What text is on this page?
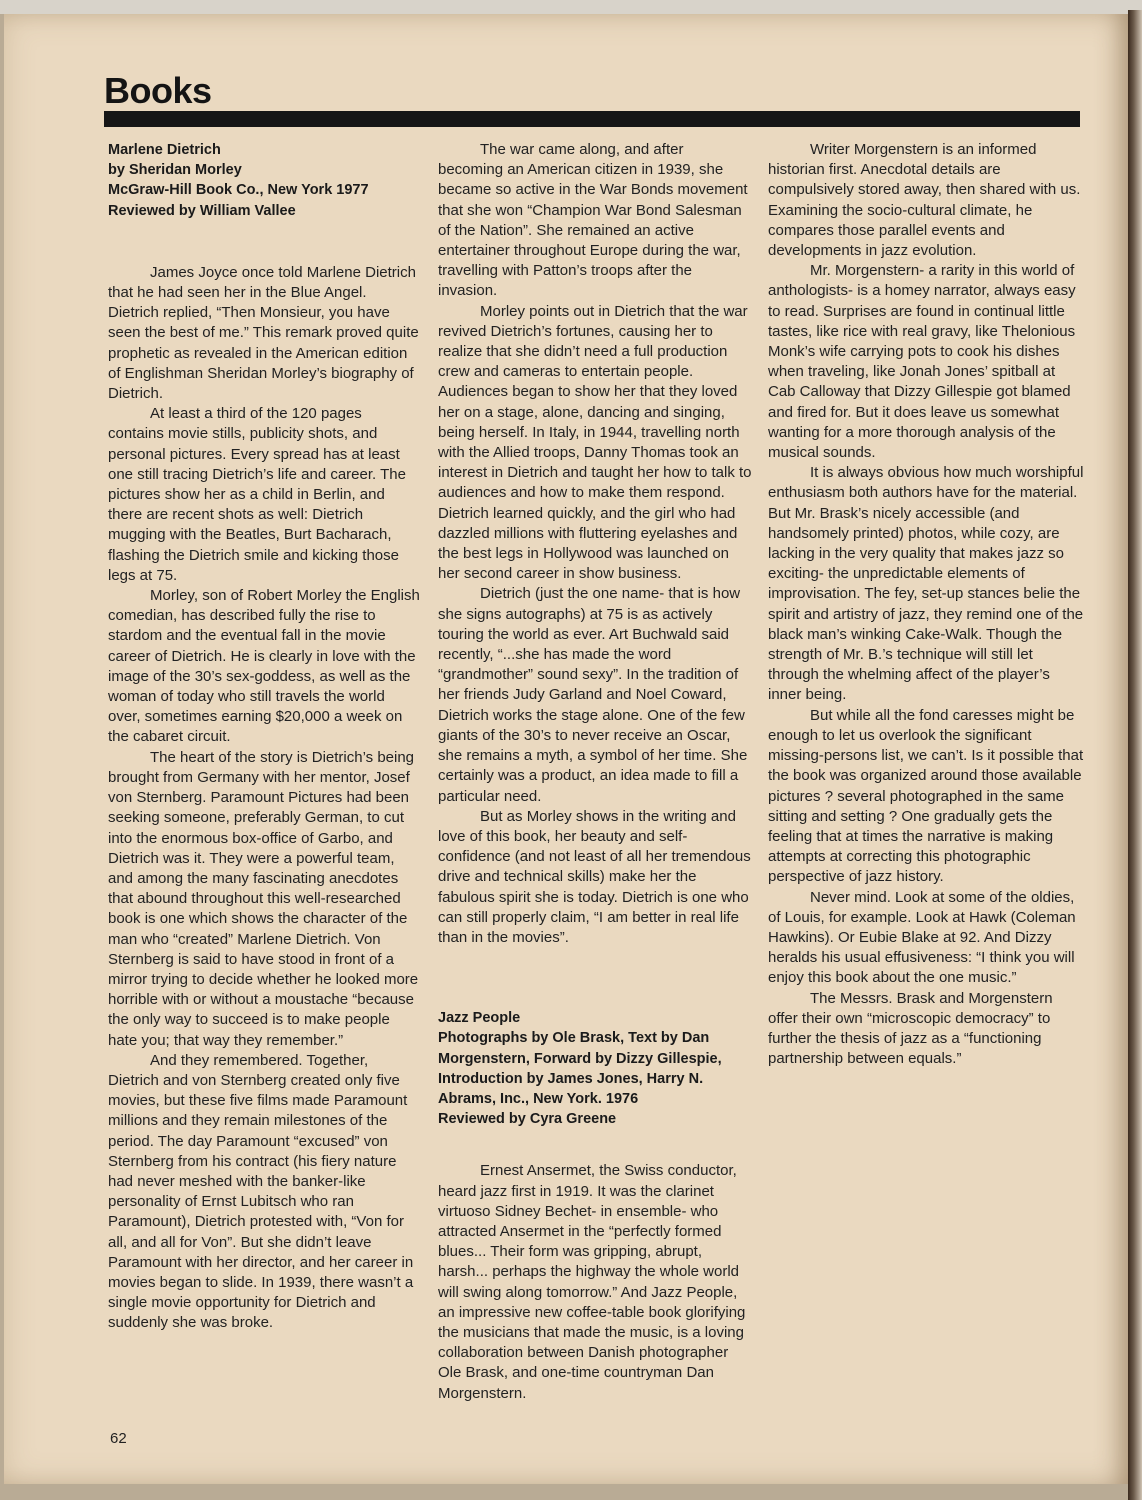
Books
Marlene Dietrich
by Sheridan Morley
McGraw-Hill Book Co., New York 1977
Reviewed by William Vallee

James Joyce once told Marlene Dietrich that he had seen her in the Blue Angel. Dietrich replied, “Then Monsieur, you have seen the best of me.” This remark proved quite prophetic as revealed in the American edition of Englishman Sheridan Morley’s biography of Dietrich.

At least a third of the 120 pages contains movie stills, publicity shots, and personal pictures. Every spread has at least one still tracing Dietrich’s life and career. The pictures show her as a child in Berlin, and there are recent shots as well: Dietrich mugging with the Beatles, Burt Bacharach, flashing the Dietrich smile and kicking those legs at 75.

Morley, son of Robert Morley the English comedian, has described fully the rise to stardom and the eventual fall in the movie career of Dietrich. He is clearly in love with the image of the 30’s sex-goddess, as well as the woman of today who still travels the world over, sometimes earning $20,000 a week on the cabaret circuit.

The heart of the story is Dietrich’s being brought from Germany with her mentor, Josef von Sternberg. Paramount Pictures had been seeking someone, preferably German, to cut into the enormous box-office of Garbo, and Dietrich was it. They were a powerful team, and among the many fascinating anecdotes that abound throughout this well-researched book is one which shows the character of the man who “created” Marlene Dietrich. Von Sternberg is said to have stood in front of a mirror trying to decide whether he looked more horrible with or without a moustache “because the only way to succeed is to make people hate you; that way they remember.”

And they remembered. Together, Dietrich and von Sternberg created only five movies, but these five films made Paramount millions and they remain milestones of the period. The day Paramount “excused” von Sternberg from his contract (his fiery nature had never meshed with the banker-like personality of Ernst Lubitsch who ran Paramount), Dietrich protested with, “Von for all, and all for Von”. But she didn’t leave Paramount with her director, and her career in movies began to slide. In 1939, there wasn’t a single movie opportunity for Dietrich and suddenly she was broke.

The war came along, and after becoming an American citizen in 1939, she became so active in the War Bonds movement that she won “Champion War Bond Salesman of the Nation”. She remained an active entertainer throughout Europe during the war, travelling with Patton’s troops after the invasion.

Morley points out in Dietrich that the war revived Dietrich’s fortunes, causing her to realize that she didn’t need a full production crew and cameras to entertain people. Audiences began to show her that they loved her on a stage, alone, dancing and singing, being herself. In Italy, in 1944, travelling north with the Allied troops, Danny Thomas took an interest in Dietrich and taught her how to talk to audiences and how to make them respond. Dietrich learned quickly, and the girl who had dazzled millions with fluttering eyelashes and the best legs in Hollywood was launched on her second career in show business.

Dietrich (just the one name- that is how she signs autographs) at 75 is as actively touring the world as ever. Art Buchwald said recently, “...she has made the word “grandmother” sound sexy”. In the tradition of her friends Judy Garland and Noel Coward, Dietrich works the stage alone. One of the few giants of the 30’s to never receive an Oscar, she remains a myth, a symbol of her time. She certainly was a product, an idea made to fill a particular need.

But as Morley shows in the writing and love of this book, her beauty and self-confidence (and not least of all her tremendous drive and technical skills) make her the fabulous spirit she is today. Dietrich is one who can still properly claim, “I am better in real life than in the movies”.

Jazz People
Photographs by Ole Brask, Text by Dan Morgenstern, Forward by Dizzy Gillespie, Introduction by James Jones, Harry N. Abrams, Inc., New York. 1976
Reviewed by Cyra Greene

Ernest Ansermet, the Swiss conductor, heard jazz first in 1919. It was the clarinet virtuoso Sidney Bechet- in ensemble- who attracted Ansermet in the “perfectly formed blues... Their form was gripping, abrupt, harsh... perhaps the highway the whole world will swing along tomorrow.” And Jazz People, an impressive new coffee-table book glorifying the musicians that made the music, is a loving collaboration between Danish photographer Ole Brask, and one-time countryman Dan Morgenstern.

Writer Morgenstern is an informed historian first. Anecdotal details are compulsively stored away, then shared with us. Examining the socio-cultural climate, he compares those parallel events and developments in jazz evolution.

Mr. Morgenstern- a rarity in this world of anthologists- is a homey narrator, always easy to read. Surprises are found in continual little tastes, like rice with real gravy, like Thelonious Monk’s wife carrying pots to cook his dishes when traveling, like Jonah Jones’ spitball at Cab Calloway that Dizzy Gillespie got blamed and fired for. But it does leave us somewhat wanting for a more thorough analysis of the musical sounds.

It is always obvious how much worshipful enthusiasm both authors have for the material. But Mr. Brask’s nicely accessible (and handsomely printed) photos, while cozy, are lacking in the very quality that makes jazz so exciting- the unpredictable elements of improvisation. The fey, set-up stances belie the spirit and artistry of jazz, they remind one of the black man’s winking Cake-Walk. Though the strength of Mr. B.’s technique will still let through the whelming affect of the player’s inner being.

But while all the fond caresses might be enough to let us overlook the significant missing-persons list, we can’t. Is it possible that the book was organized around those available pictures ? several photographed in the same sitting and setting ? One gradually gets the feeling that at times the narrative is making attempts at correcting this photographic perspective of jazz history.

Never mind. Look at some of the oldies, of Louis, for example. Look at Hawk (Coleman Hawkins). Or Eubie Blake at 92. And Dizzy heralds his usual effusiveness: “I think you will enjoy this book about the one music.”

The Messrs. Brask and Morgenstern offer their own “microscopic democracy” to further the thesis of jazz as a “functioning partnership between equals.”

62
